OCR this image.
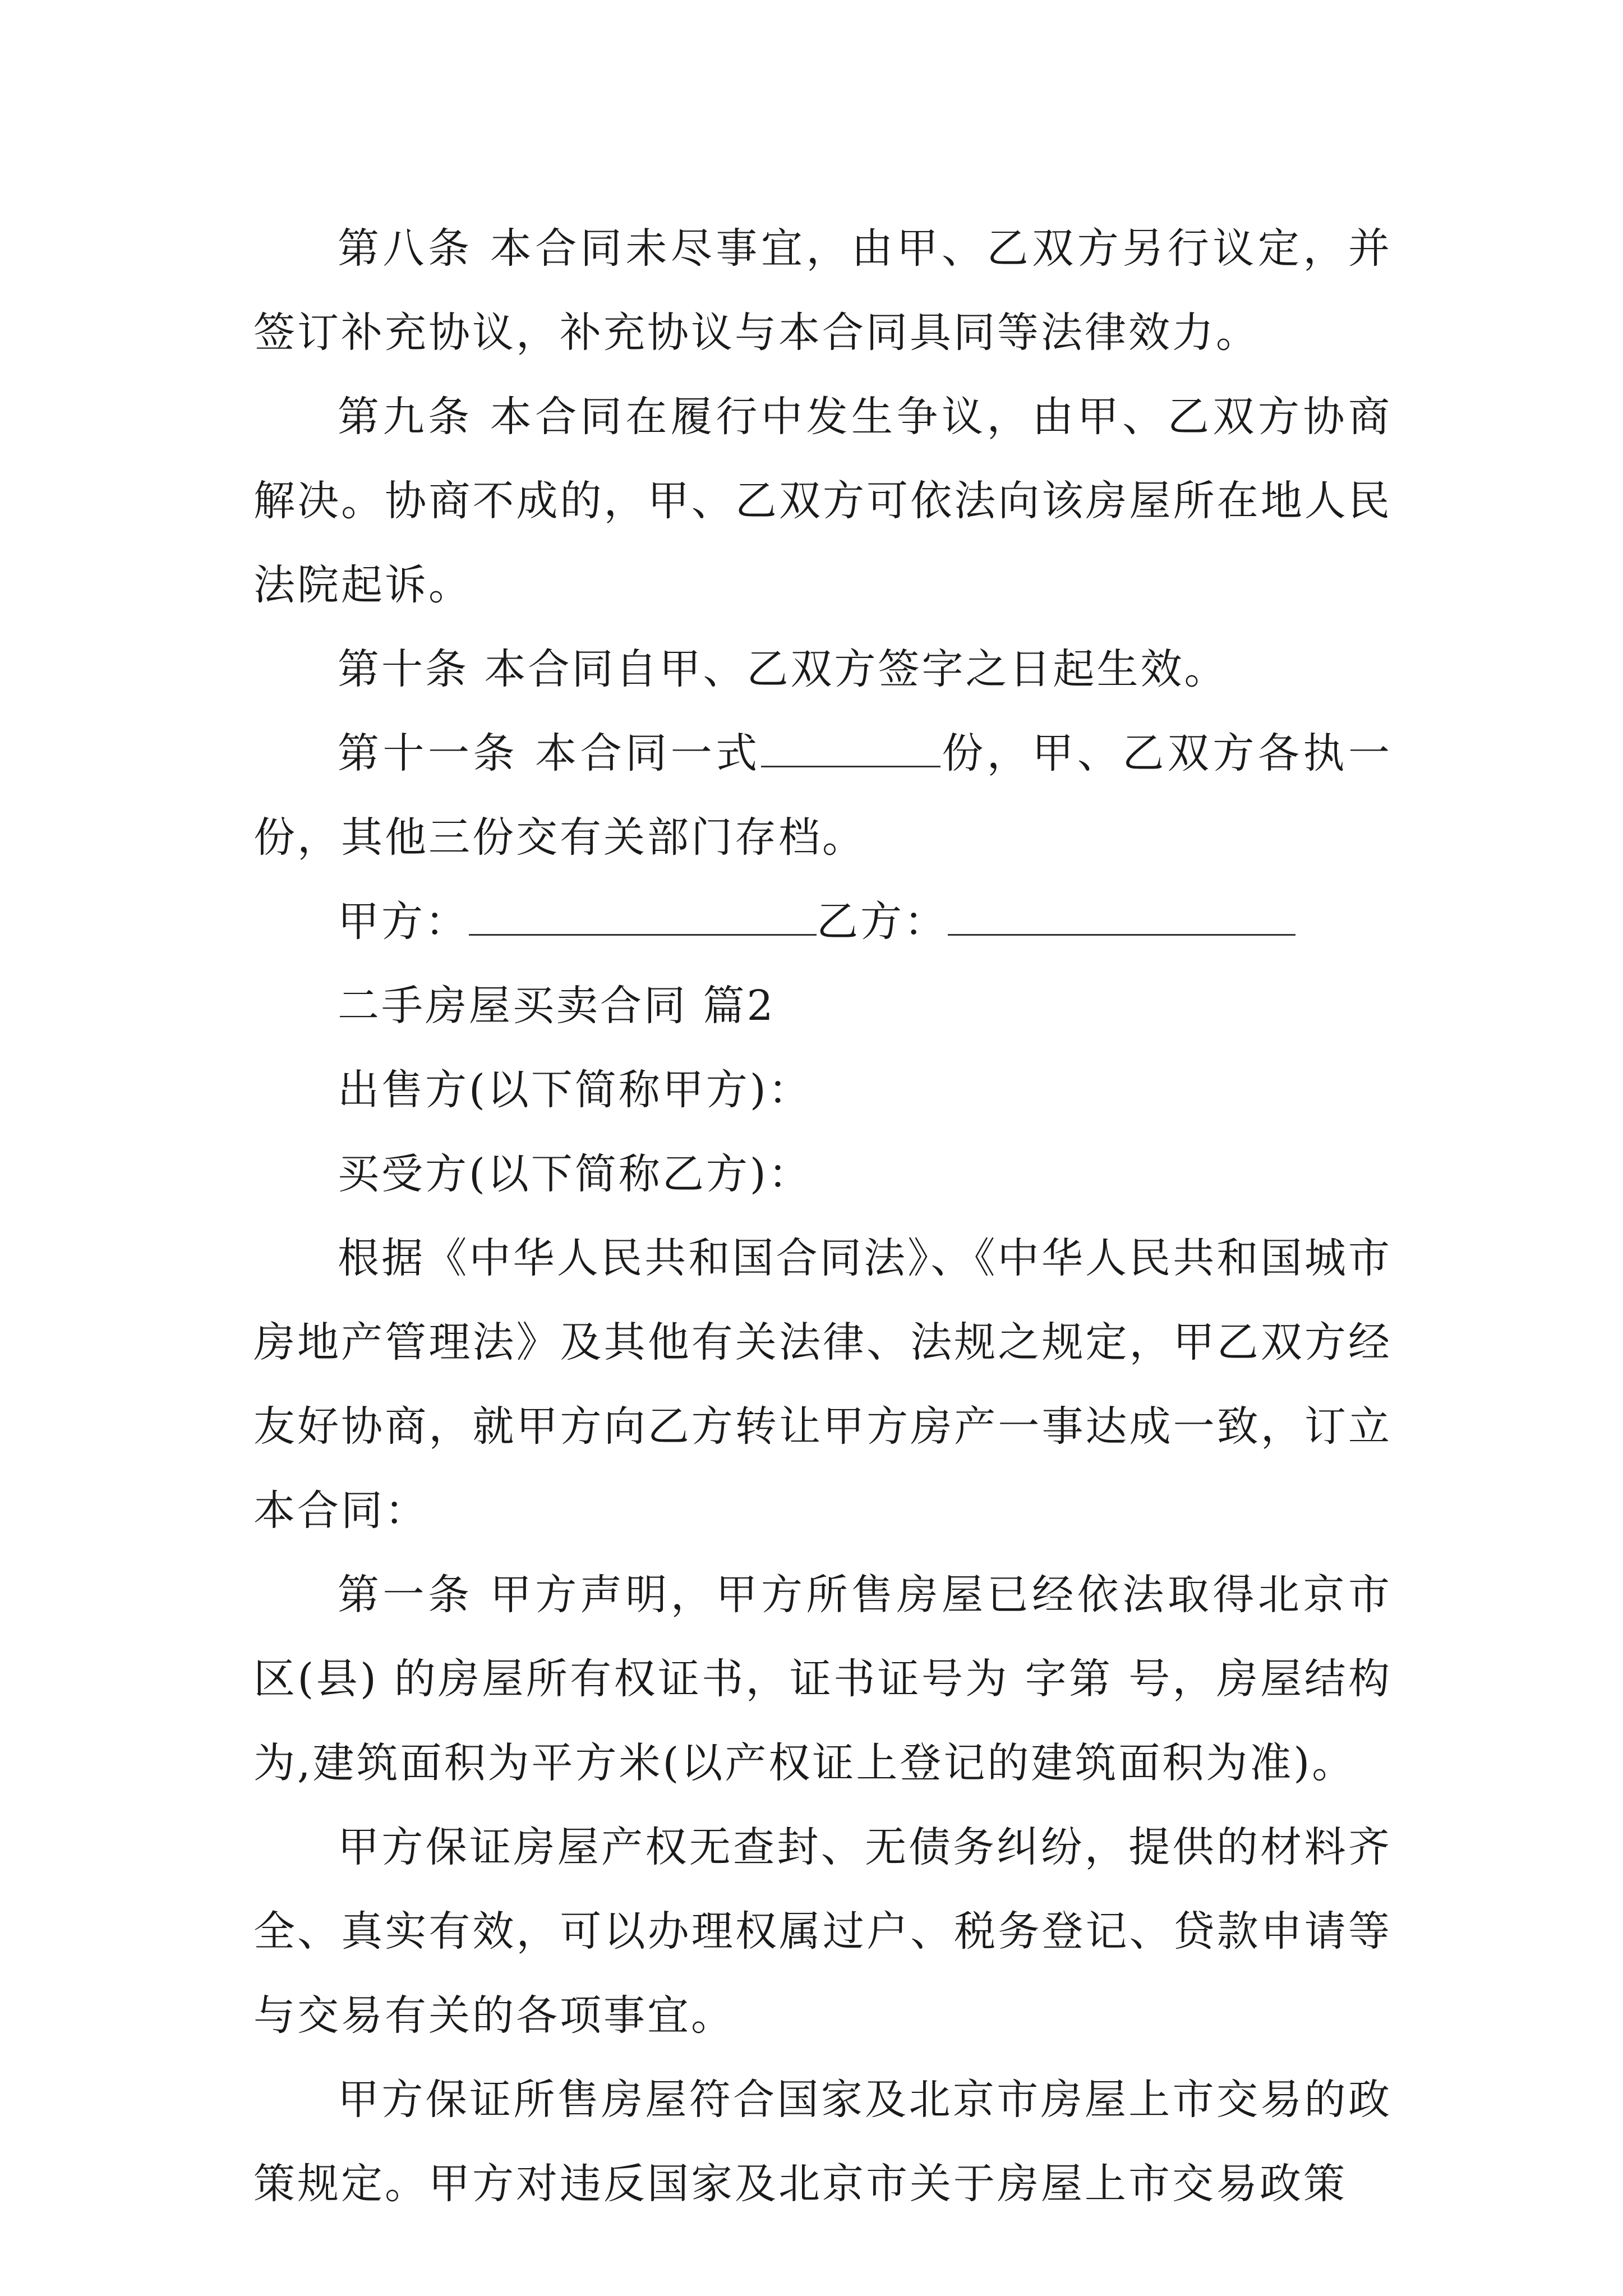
第八条 本合同未尽事宜，由甲、乙双方另行议定，并签订补充协议，补充协议与本合同具同等法律效力。

第九条 本合同在履行中发生争议，由甲、乙双方协商解决。协商不成的，甲、乙双方可依法向该房屋所在地人民法院起诉。

第十条 本合同自甲、乙双方签字之日起生效。

第十一条 本合同一式	份，甲、乙双方各执一份，其他三份交有关部门存档。

甲方：	乙方：

二手房屋买卖合同 篇2

出售方(以下简称甲方)：

买受方(以下简称乙方)：

根据《中华人民共和国合同法》、《中华人民共和国城市房地产管理法》及其他有关法律、法规之规定，甲乙双方经友好协商，就甲方向乙方转让甲方房产一事达成一致，订立本合同：

第一条 甲方声明，甲方所售房屋已经依法取得北京市区(县) 的房屋所有权证书，证书证号为 字第 号，房屋结构为,建筑面积为平方米(以产权证上登记的建筑面积为准)。

甲方保证房屋产权无查封、无债务纠纷，提供的材料齐全、真实有效，可以办理权属过户、税务登记、贷款申请等与交易有关的各项事宜。

甲方保证所售房屋符合国家及北京市房屋上市交易的政策规定。甲方对违反国家及北京市关于房屋上市交易政策
